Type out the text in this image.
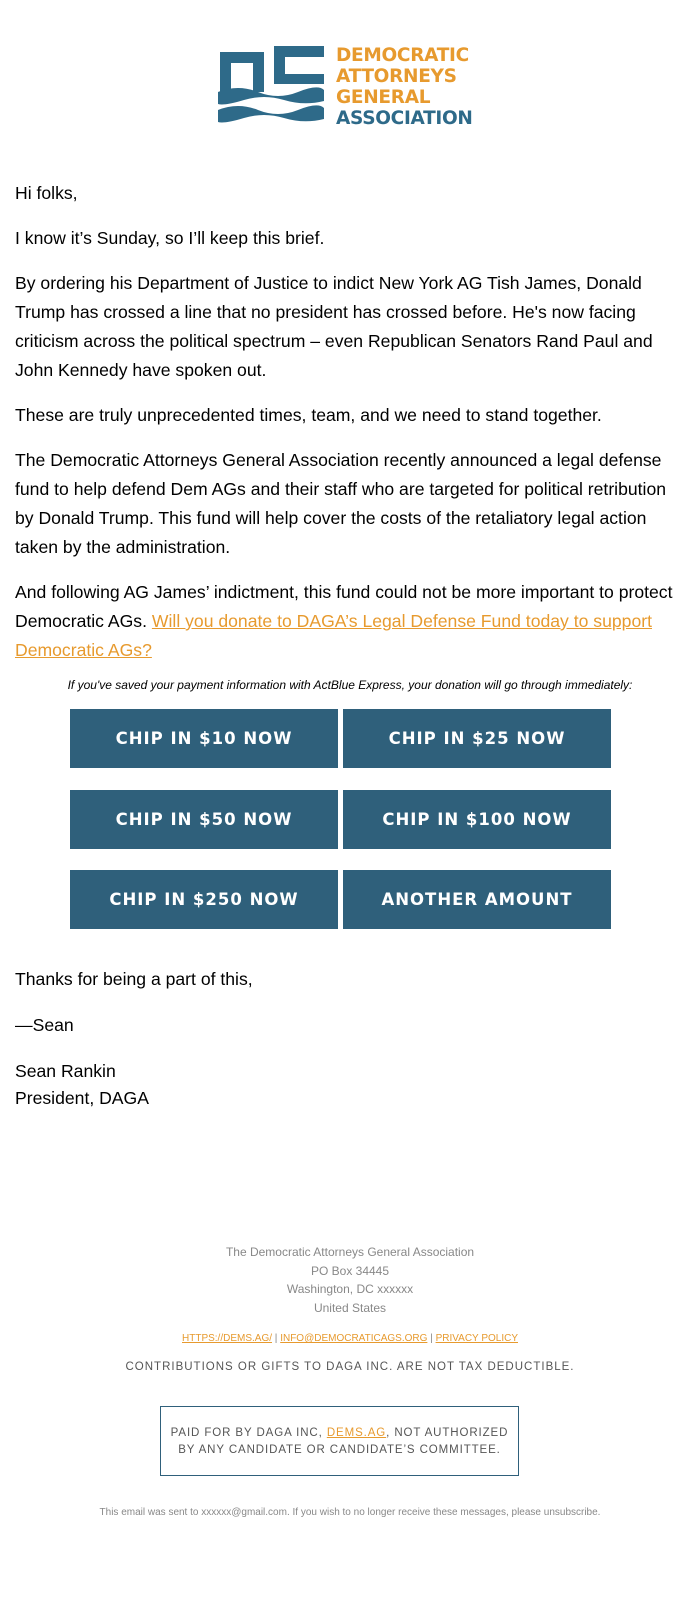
DEMOCRATIC
ATTORNEYS
GENERAL
ASSOCIATION

Hi folks,

I know it’s Sunday, so I’ll keep this brief.

By ordering his Department of Justice to indict New York AG Tish James, Donald Trump has crossed a line that no president has crossed before. He's now facing criticism across the political spectrum – even Republican Senators Rand Paul and John Kennedy have spoken out.

These are truly unprecedented times, team, and we need to stand together.

The Democratic Attorneys General Association recently announced a legal defense fund to help defend Dem AGs and their staff who are targeted for political retribution by Donald Trump. This fund will help cover the costs of the retaliatory legal action taken by the administration.

And following AG James’ indictment, this fund could not be more important to protect Democratic AGs. Will you donate to DAGA’s Legal Defense Fund today to support Democratic AGs?

If you've saved your payment information with ActBlue Express, your donation will go through immediately:
CHIP IN $10 NOW	CHIP IN $25 NOW
CHIP IN $50 NOW	CHIP IN $100 NOW
CHIP IN $250 NOW	ANOTHER AMOUNT
Thanks for being a part of this,
—Sean
Sean Rankin
President, DAGA
The Democratic Attorneys General Association
PO Box 34445
Washington, DC xxxxxx
United States
HTTPS://DEMS.AG/ | INFO@DEMOCRATICAGS.ORG | PRIVACY POLICY
CONTRIBUTIONS OR GIFTS TO DAGA INC. ARE NOT TAX DEDUCTIBLE.
PAID FOR BY DAGA INC, DEMS.AG, NOT AUTHORIZED
BY ANY CANDIDATE OR CANDIDATE’S COMMITTEE.
This email was sent to xxxxxx@gmail.com. If you wish to no longer receive these messages, please unsubscribe.
